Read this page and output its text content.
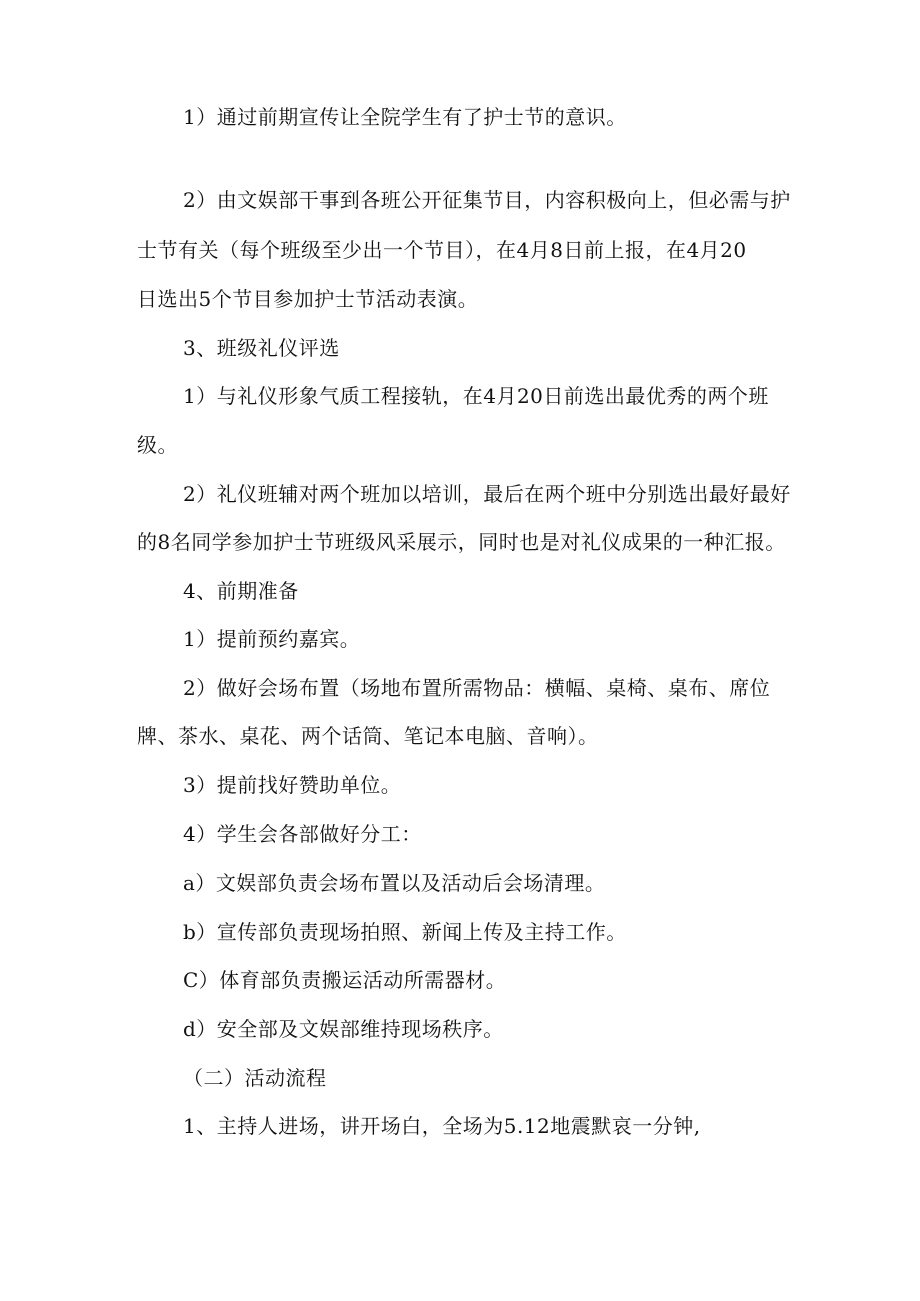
1）通过前期宣传让全院学生有了护士节的意识。
2）由文娱部干事到各班公开征集节目，内容积极向上，但必需与护
士节有关（每个班级至少出一个节目），在4月8日前上报，在4月20
日选出5个节目参加护士节活动表演。
3、班级礼仪评选
1）与礼仪形象气质工程接轨，在4月20日前选出最优秀的两个班
级。
2）礼仪班辅对两个班加以培训，最后在两个班中分别选出最好最好
的8名同学参加护士节班级风采展示，同时也是对礼仪成果的一种汇报。
4、前期准备
1）提前预约嘉宾。
2）做好会场布置（场地布置所需物品：横幅、桌椅、桌布、席位
牌、茶水、桌花、两个话筒、笔记本电脑、音响）。
3）提前找好赞助单位。
4）学生会各部做好分工：
a）文娱部负责会场布置以及活动后会场清理。
b）宣传部负责现场拍照、新闻上传及主持工作。
C）体育部负责搬运活动所需器材。
d）安全部及文娱部维持现场秩序。
（二）活动流程
1、主持人进场，讲开场白，全场为5.12地震默哀一分钟,
